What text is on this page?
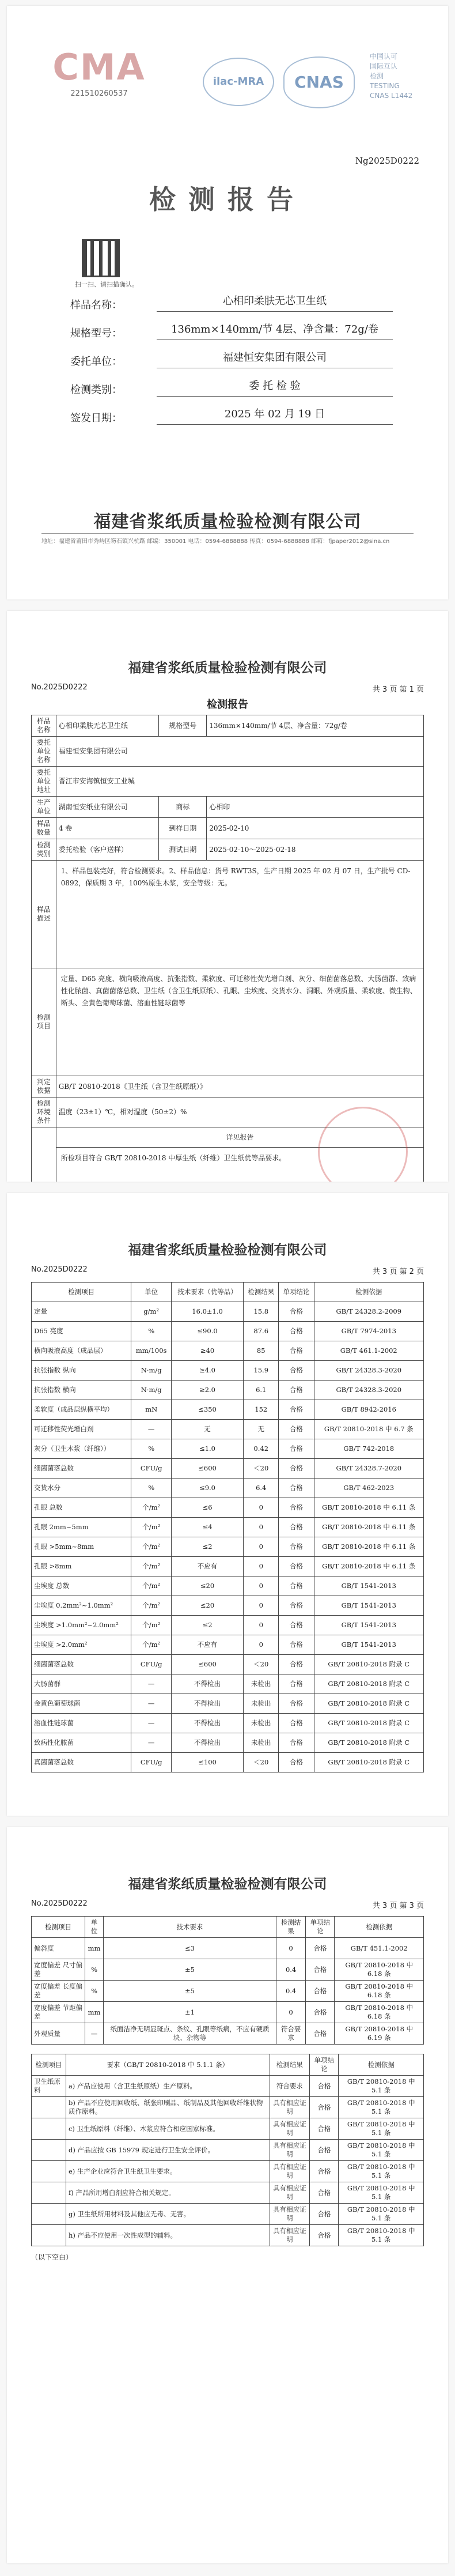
CMA
221510260537
ilac-MRA	CNAS
中国认可
国际互认
检测
TESTING
CNAS L1442
Ng2025D0222
检测报告
扫一扫、请扫描确认。
样品名称：	心相印柔肤无芯卫生纸
规格型号：	136mm×140mm/节 4层、净含量：72g/卷
委托单位：	福建恒安集团有限公司
检测类别：	委 托 检 验
签发日期：	2025 年 02 月 19 日
福建省浆纸质量检验检测有限公司
地址：福建省莆田市秀屿区笏石镇兴杭路 邮编：350001 电话：0594-6888888 传真：0594-6888888 邮箱：fjpaper2012@sina.cn
福建省浆纸质量检验检测有限公司
No.2025D0222	共 3 页 第 1 页
检测报告
样品名称	心相印柔肤无芯卫生纸	规格型号	136mm×140mm/节 4层、净含量：72g/卷
委托单位名称	福建恒安集团有限公司		
委托单位地址	晋江市安海镇恒安工业城		
生产单位	湖南恒安纸业有限公司	商标	心相印
样品数量	4 卷	到样日期	2025-02-10
检测类别	委托检验（客户送样）	测试日期	2025-02-10～2025-02-18
样品描述	1、样品包装完好，符合检测要求。2、样品信息：货号 RWT3S，生产日期 2025 年 02 月 07 日，生产批号 CD-0892，保质期 3 年，100%原生木浆，安全等级：无。		
检测项目	定量、D65 亮度、横向吸液高度、抗张指数、柔软度、可迁移性荧光增白剂、灰分、细菌菌落总数、大肠菌群、致病性化脓菌、真菌菌落总数、卫生纸（含卫生纸原纸）、孔眼、尘埃度、交货水分、洞眼、外观质量、柔软度、微生物、断头、全黄色葡萄球菌、溶血性链球菌等		
判定依据	GB/T 20810-2018《卫生纸（含卫生纸原纸）》		
检测环境条件	温度（23±1）℃，相对湿度（50±2）%		
	详见报告		
	所检项目符合 GB/T 20810-2018 中厚生纸（纤维）卫生纸优等品要求。		
福建省浆纸质量检验检测有限公司
No.2025D0222	共 3 页 第 2 页
检测项目	单位	技术要求（优等品）	检测结果	单项结论	检测依据
定量	g/m²	16.0±1.0	15.8	合格	GB/T 24328.2-2009
D65 亮度	%	≤90.0	87.6	合格	GB/T 7974-2013
横向吸液高度（成品层）	mm/100s	≥40	85	合格	GB/T 461.1-2002
抗张指数 纵向	N·m/g	≥4.0	15.9	合格	GB/T 24328.3-2020
抗张指数 横向	N·m/g	≥2.0	6.1	合格	GB/T 24328.3-2020
柔软度（成品层纵横平均）	mN	≤350	152	合格	GB/T 8942-2016
可迁移性荧光增白剂	—	无	无	合格	GB/T 20810-2018 中 6.7 条
灰分（卫生木浆（纤维））	%	≤1.0	0.42	合格	GB/T 742-2018
细菌菌落总数	CFU/g	≤600	＜20	合格	GB/T 24328.7-2020
交货水分	%	≤9.0	6.4	合格	GB/T 462-2023
孔眼 总数	个/m²	≤6	0	合格	GB/T 20810-2018 中 6.11 条
孔眼 2mm~5mm	个/m²	≤4	0	合格	GB/T 20810-2018 中 6.11 条
孔眼 >5mm~8mm	个/m²	≤2	0	合格	GB/T 20810-2018 中 6.11 条
孔眼 >8mm	个/m²	不应有	0	合格	GB/T 20810-2018 中 6.11 条
尘埃度 总数	个/m²	≤20	0	合格	GB/T 1541-2013
尘埃度 0.2mm²~1.0mm²	个/m²	≤20	0	合格	GB/T 1541-2013
尘埃度 >1.0mm²~2.0mm²	个/m²	≤2	0	合格	GB/T 1541-2013
尘埃度 >2.0mm²	个/m²	不应有	0	合格	GB/T 1541-2013
细菌菌落总数	CFU/g	≤600	＜20	合格	GB/T 20810-2018 附录 C
大肠菌群	—	不得检出	未检出	合格	GB/T 20810-2018 附录 C
金黄色葡萄球菌	—	不得检出	未检出	合格	GB/T 20810-2018 附录 C
溶血性链球菌	—	不得检出	未检出	合格	GB/T 20810-2018 附录 C
致病性化脓菌	—	不得检出	未检出	合格	GB/T 20810-2018 附录 C
真菌菌落总数	CFU/g	≤100	＜20	合格	GB/T 20810-2018 附录 C
福建省浆纸质量检验检测有限公司
No.2025D0222	共 3 页 第 3 页
检测项目	单位	技术要求	检测结果	单项结论	检测依据
偏斜度	mm	≤3	0	合格	GB/T 451.1-2002
宽度偏差 尺寸偏差	%	±5	0.4	合格	GB/T 20810-2018 中 6.18 条
宽度偏差 长度偏差	%	±5	0.4	合格	GB/T 20810-2018 中 6.18 条
宽度偏差 节距偏差	mm	±1	0	合格	GB/T 20810-2018 中 6.18 条
外观质量	—	纸面洁净无明显斑点、条纹、孔眼等纸病，不应有硬质块、杂物等	符合要求	合格	GB/T 20810-2018 中 6.19 条
检测项目	要求（GB/T 20810-2018 中 5.1.1 条）	检测结果	单项结论	检测依据
卫生纸原料	a) 产品应使用（含卫生纸原纸）生产原料。	符合要求	合格	GB/T 20810-2018 中 5.1 条
	b) 产品不应使用回收纸、纸张印刷品、纸制品及其他回收纤维状物质作原料。	具有相应证明	合格	GB/T 20810-2018 中 5.1 条
	c) 卫生纸原料（纤维）、木浆应符合相应国家标准。	具有相应证明	合格	GB/T 20810-2018 中 5.1 条
	d) 产品应按 GB 15979 规定进行卫生安全评价。	具有相应证明	合格	GB/T 20810-2018 中 5.1 条
	e) 生产企业应符合卫生纸卫生要求。	具有相应证明	合格	GB/T 20810-2018 中 5.1 条
	f) 产品所用增白剂应符合相关规定。	具有相应证明	合格	GB/T 20810-2018 中 5.1 条
	g) 卫生纸所用材料及其他应无毒、无害。	具有相应证明	合格	GB/T 20810-2018 中 5.1 条
	h) 产品不应使用一次性成型的辅料。	具有相应证明	合格	GB/T 20810-2018 中 5.1 条
（以下空白）
